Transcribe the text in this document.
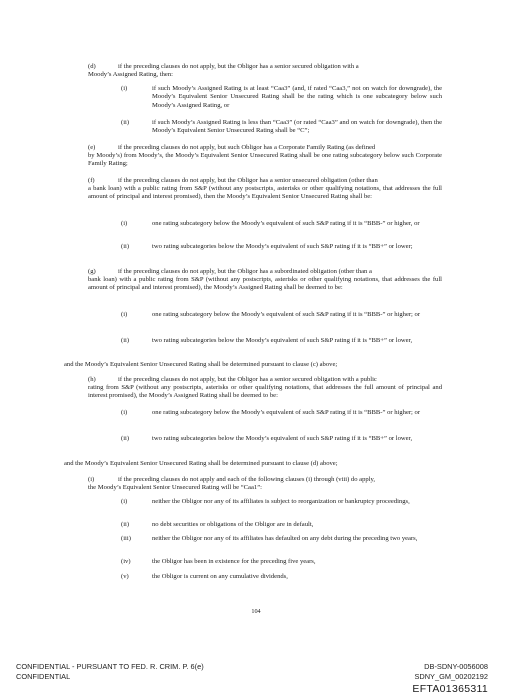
(d)	if the preceding clauses do not apply, but the Obligor has a senior secured obligation with a
Moody’s Assigned Rating, then:
(i)	if such Moody’s Assigned Rating is at least “Caa3” (and, if rated “Caa3,” not on watch for downgrade), the Moody’s Equivalent Senior Unsecured Rating shall be the rating which is one subcategory below such Moody’s Assigned Rating, or
(ii)	if such Moody’s Assigned Rating is less than “Caa3” (or rated “Caa3” and on watch for downgrade), then the Moody’s Equivalent Senior Unsecured Rating shall be “C”;
(e)	if the preceding clauses do not apply, but such Obligor has a Corporate Family Rating (as defined
by Moody’s) from Moody’s, the Moody’s Equivalent Senior Unsecured Rating shall be one rating subcategory below such Corporate Family Rating;
(f)	if the preceding clauses do not apply, but the Obligor has a senior unsecured obligation (other than
a bank loan) with a public rating from S&P (without any postscripts, asterisks or other qualifying notations, that addresses the full amount of principal and interest promised), then the Moody’s Equivalent Senior Unsecured Rating shall be:
(i)	one rating subcategory below the Moody’s equivalent of such S&P rating if it is “BBB-” or higher, or
(ii)	two rating subcategories below the Moody’s equivalent of such S&P rating if it is “BB+” or lower;
(g)	if the preceding clauses do not apply, but the Obligor has a subordinated obligation (other than a
bank loan) with a public rating from S&P (without any postscripts, asterisks or other qualifying notations, that addresses the full amount of principal and interest promised), the Moody’s Assigned Rating shall be deemed to be:
(i)	one rating subcategory below the Moody’s equivalent of such S&P rating if it is “BBB-” or higher; or
(ii)	two rating subcategories below the Moody’s equivalent of such S&P rating if it is “BB+” or lower,
and the Moody’s Equivalent Senior Unsecured Rating shall be determined pursuant to clause (c) above;
(h)	if the preceding clauses do not apply, but the Obligor has a senior secured obligation with a public
rating from S&P (without any postscripts, asterisks or other qualifying notations, that addresses the full amount of principal and interest promised), the Moody’s Assigned Rating shall be deemed to be:
(i)	one rating subcategory below the Moody’s equivalent of such S&P rating if it is “BBB-” or higher; or
(ii)	two rating subcategories below the Moody’s equivalent of such S&P rating if it is “BB+” or lower,
and the Moody’s Equivalent Senior Unsecured Rating shall be determined pursuant to clause (d) above;
(i)	if the preceding clauses do not apply and each of the following clauses (i) through (viii) do apply,
the Moody’s Equivalent Senior Unsecured Rating will be “Caa1”:
(i)	neither the Obligor nor any of its affiliates is subject to reorganization or bankruptcy proceedings,
(ii)	no debt securities or obligations of the Obligor are in default,
(iii)	neither the Obligor nor any of its affiliates has defaulted on any debt during the preceding two years,
(iv)	the Obligor has been in existence for the preceding five years,
(v)	the Obligor is current on any cumulative dividends,
104
CONFIDENTIAL - PURSUANT TO FED. R. CRIM. P. 6(e)
CONFIDENTIAL
DB-SDNY-0056008
SDNY_GM_00202192
EFTA01365311
